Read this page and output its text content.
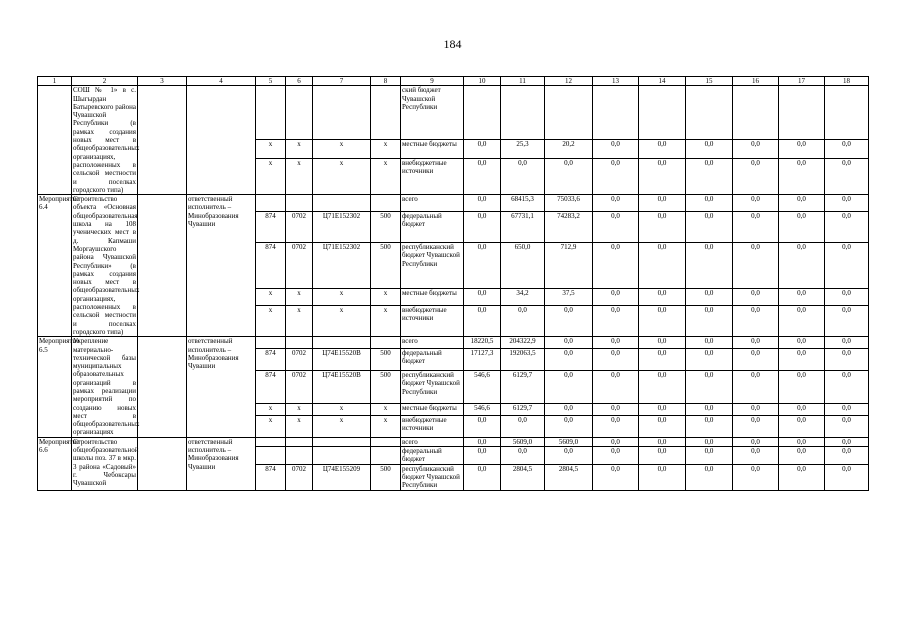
184
1	2	3	4	5	6	7	8	9	10	11	12	13	14	15	16	17	18
	СОШ № 1» в с. Шыгырдан Батыревского района Чувашской Республики (в рамках создания новых мест в общеобразовательных организациях, расположенных в сельской местности и поселках городского типа)							ский бюджет Чувашской Республики									
				x	x	x	x	местные бюджеты	0,0	25,3	20,2	0,0	0,0	0,0	0,0	0,0	0,0
				x	x	x	x	внебюджетные источники	0,0	0,0	0,0	0,0	0,0	0,0	0,0	0,0	0,0
Мероприятие 6.4	Строительство объекта «Основная общеобразовательная школа на 108 ученических мест в д. Капмаши Моргаушского района Чувашской Республики» (в рамках создания новых мест в общеобразовательных организациях, расположенных в сельской местности и поселках городского типа)		ответственный исполнитель – Минобразования Чувашии					всего	0,0	68415,3	75033,6	0,0	0,0	0,0	0,0	0,0	0,0
				874	0702	Ц71Е152302	500	федеральный бюджет	0,0	67731,1	74283,2	0,0	0,0	0,0	0,0	0,0	0,0
				874	0702	Ц71Е152302	500	республиканский бюджет Чувашской Республики	0,0	650,0	712,9	0,0	0,0	0,0	0,0	0,0	0,0
				x	x	x	x	местные бюджеты	0,0	34,2	37,5	0,0	0,0	0,0	0,0	0,0	0,0
				x	x	x	x	внебюджетные источники	0,0	0,0	0,0	0,0	0,0	0,0	0,0	0,0	0,0
Мероприятие 6.5	Укрепление материально-технической базы муниципальных образовательных организаций в рамках реализации мероприятий по созданию новых мест в общеобразовательных организациях		ответственный исполнитель – Минобразования Чувашии					всего	18220,5	204322,9	0,0	0,0	0,0	0,0	0,0	0,0	0,0
				874	0702	Ц74Е15520В	500	федеральный бюджет	17127,3	192063,5	0,0	0,0	0,0	0,0	0,0	0,0	0,0
				874	0702	Ц74Е15520В	500	республиканский бюджет Чувашской Республики	546,6	6129,7	0,0	0,0	0,0	0,0	0,0	0,0	0,0
				x	x	x	x	местные бюджеты	546,6	6129,7	0,0	0,0	0,0	0,0	0,0	0,0	0,0
				x	x	x	x	внебюджетные источники	0,0	0,0	0,0	0,0	0,0	0,0	0,0	0,0	0,0
Мероприятие 6.6	Строительство общеобразовательной школы поз. 37 в мкр. 3 района «Садовый» г. Чебоксары Чувашской		ответственный исполнитель – Минобразования Чувашии					всего	0,0	5609,0	5609,0	0,0	0,0	0,0	0,0	0,0	0,0
								федеральный бюджет	0,0	0,0	0,0	0,0	0,0	0,0	0,0	0,0	0,0
				874	0702	Ц74Е155209	500	республиканский бюджет Чувашской Республики	0,0	2804,5	2804,5	0,0	0,0	0,0	0,0	0,0	0,0
